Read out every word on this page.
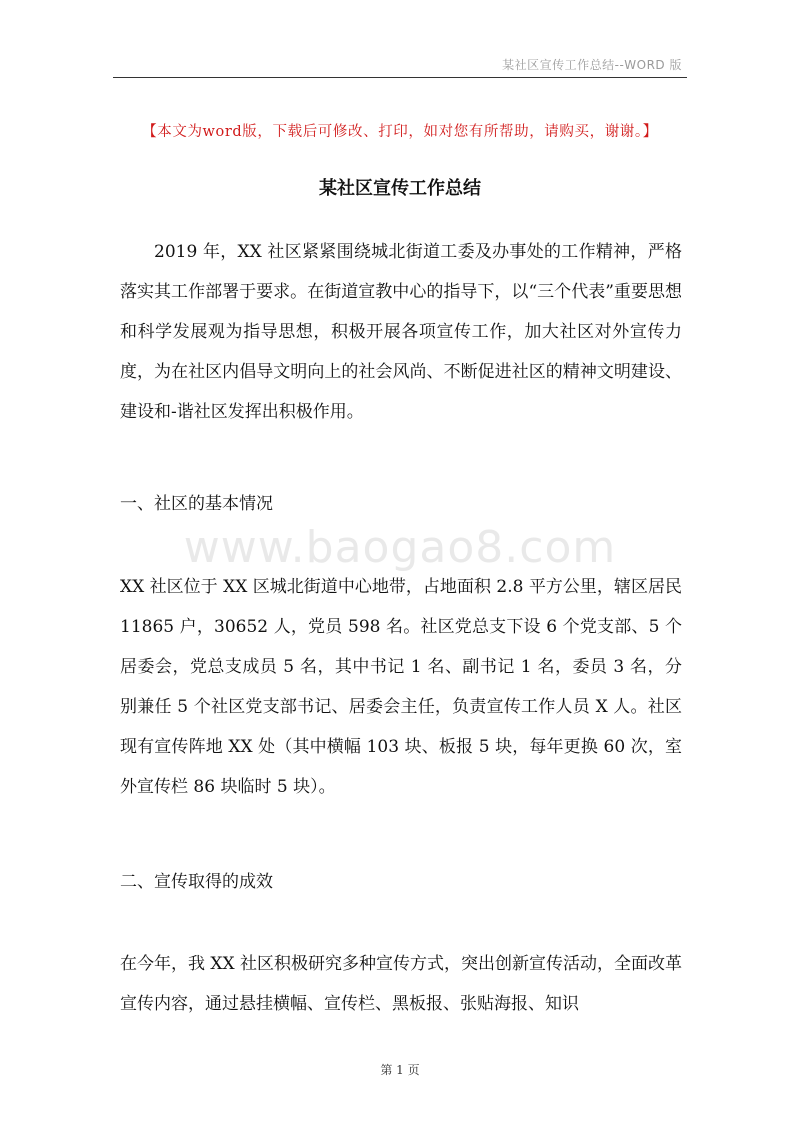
某社区宣传工作总结--WORD 版
【本文为word版，下载后可修改、打印，如对您有所帮助，请购买，谢谢。】
某社区宣传工作总结
2019 年，XX 社区紧紧围绕城北街道工委及办事处的工作精神，严格落实其工作部署于要求。在街道宣教中心的指导下，以“三个代表”重要思想和科学发展观为指导思想，积极开展各项宣传工作，加大社区对外宣传力度，为在社区内倡导文明向上的社会风尚、不断促进社区的精神文明建设、建设和-谐社区发挥出积极作用。
一、社区的基本情况
www.baogao8.com
XX 社区位于 XX 区城北街道中心地带，占地面积 2.8 平方公里，辖区居民 11865 户，30652 人，党员 598 名。社区党总支下设 6 个党支部、5 个居委会，党总支成员 5 名，其中书记 1 名、副书记 1 名，委员 3 名，分别兼任 5 个社区党支部书记、居委会主任，负责宣传工作人员 X 人。社区现有宣传阵地 XX 处（其中横幅 103 块、板报 5 块，每年更换 60 次，室外宣传栏 86 块临时 5 块）。
二、宣传取得的成效
在今年，我 XX 社区积极研究多种宣传方式，突出创新宣传活动，全面改革宣传内容，通过悬挂横幅、宣传栏、黑板报、张贴海报、知识
第 1 页
